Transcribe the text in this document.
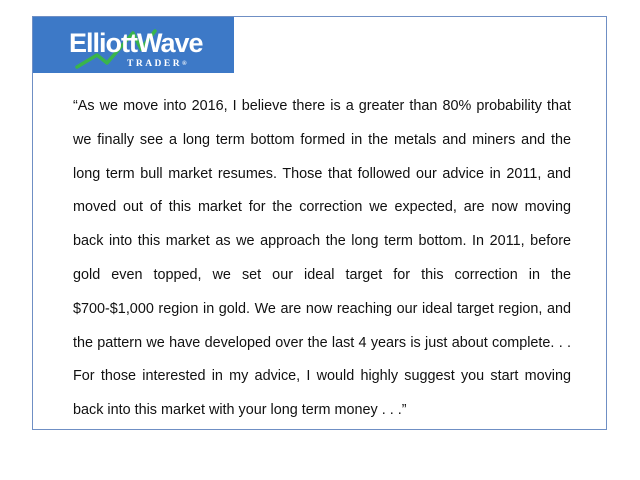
ElliottWave
TRADER®

“As we move into 2016, I believe there is a greater than 80% probability that we finally see a long term bottom formed in the metals and miners and the long term bull market resumes. Those that followed our advice in 2011, and moved out of this market for the correction we expected, are now moving back into this market as we approach the long term bottom. In 2011, before gold even topped, we set our ideal target for this correction in the $700-$1,000 region in gold. We are now reaching our ideal target region, and the pattern we have developed over the last 4 years is just about complete. . . For those interested in my advice, I would highly suggest you start moving back into this market with your long term money . . .”
